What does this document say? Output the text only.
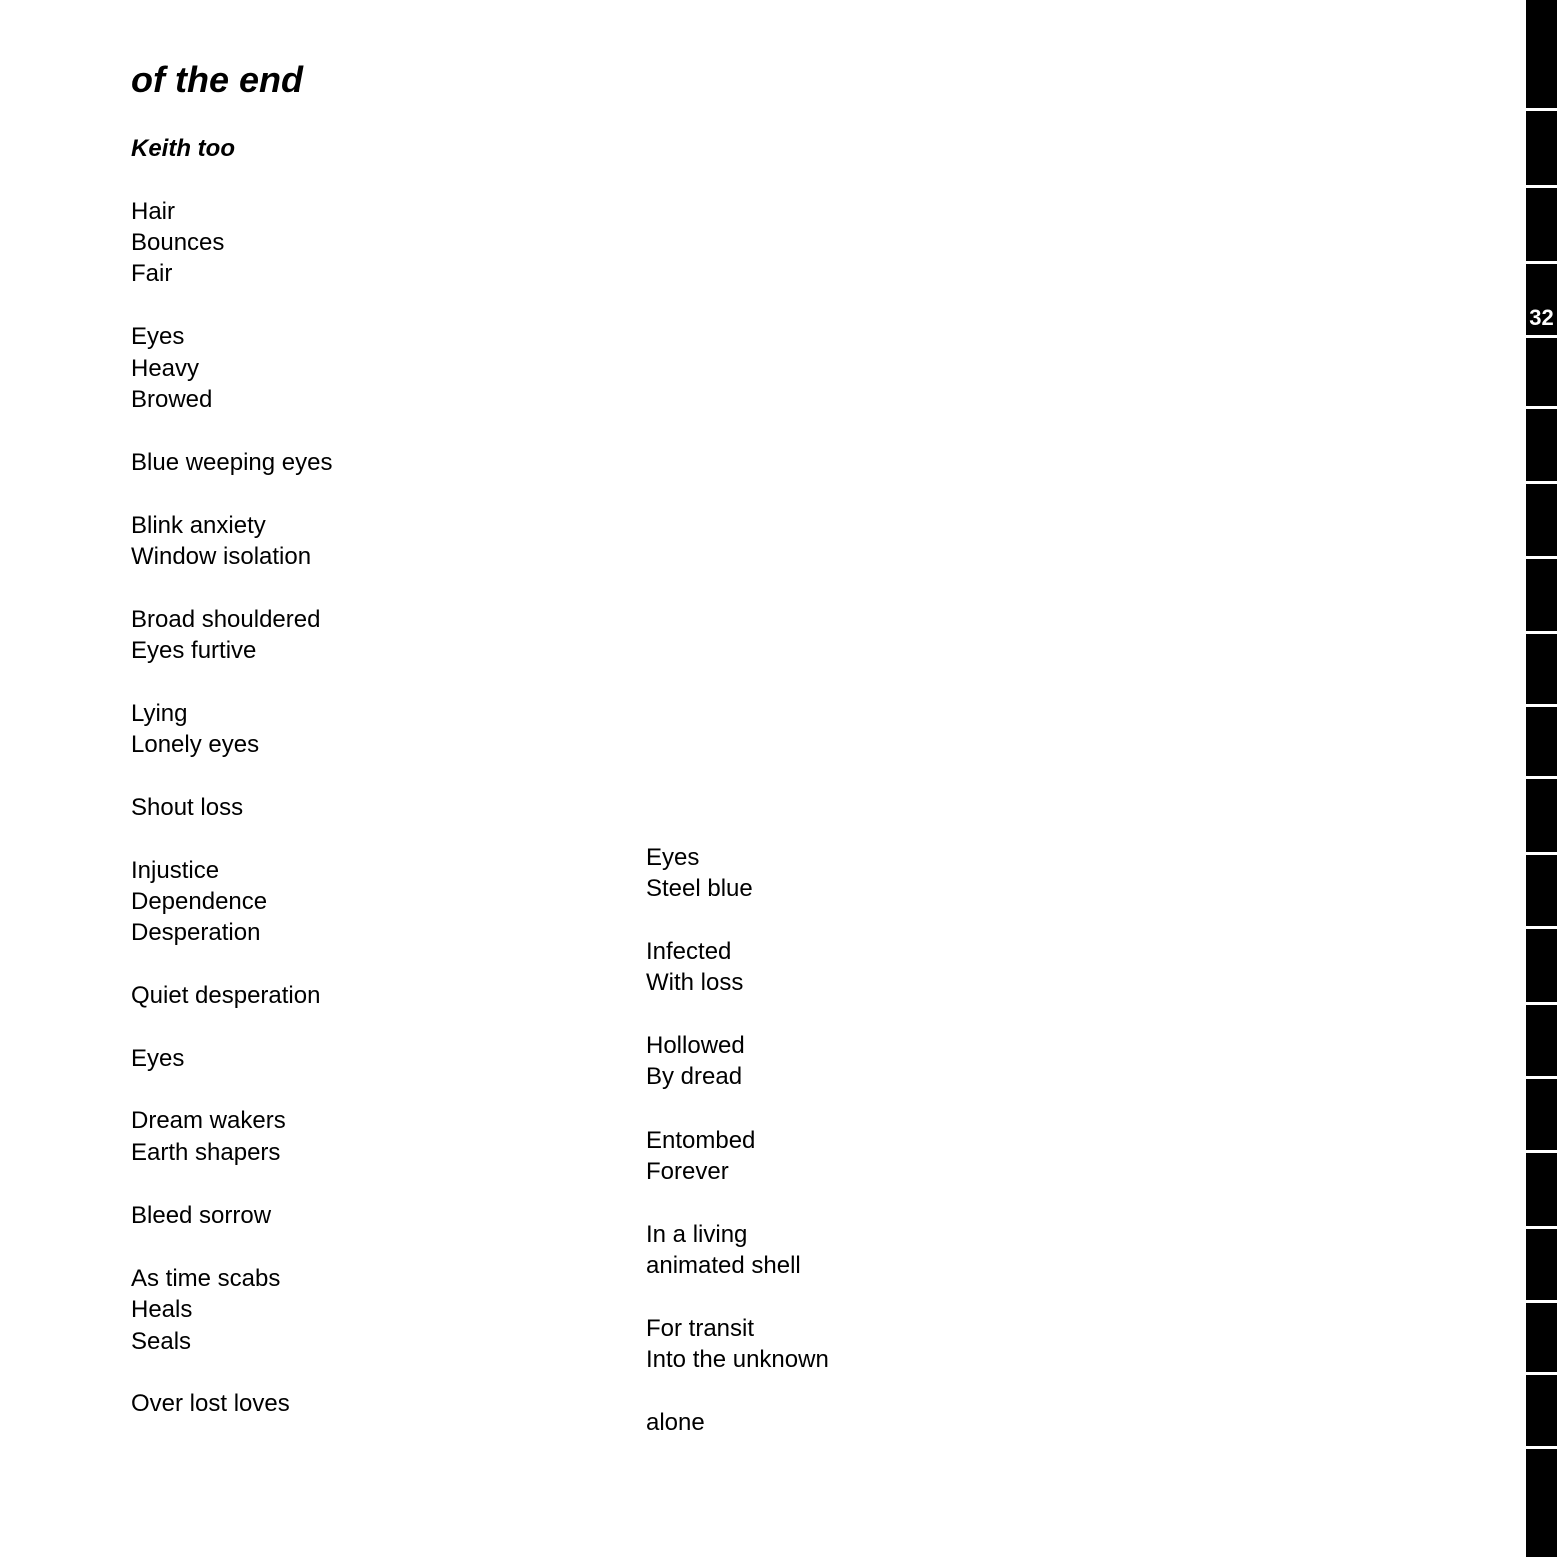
of the end
Keith too
Hair
Bounces
Fair
Eyes
Heavy
Browed
Blue weeping eyes
Blink anxiety
Window isolation
Broad shouldered
Eyes furtive
Lying
Lonely eyes
Shout loss
Injustice
Dependence
Desperation
Quiet desperation
Eyes
Dream wakers
Earth shapers
Bleed sorrow
As time scabs
Heals
Seals
Over lost loves
Eyes
Steel blue
Infected
With loss
Hollowed
By dread
Entombed
Forever
In a living
animated shell
For transit
Into the unknown
alone
32
